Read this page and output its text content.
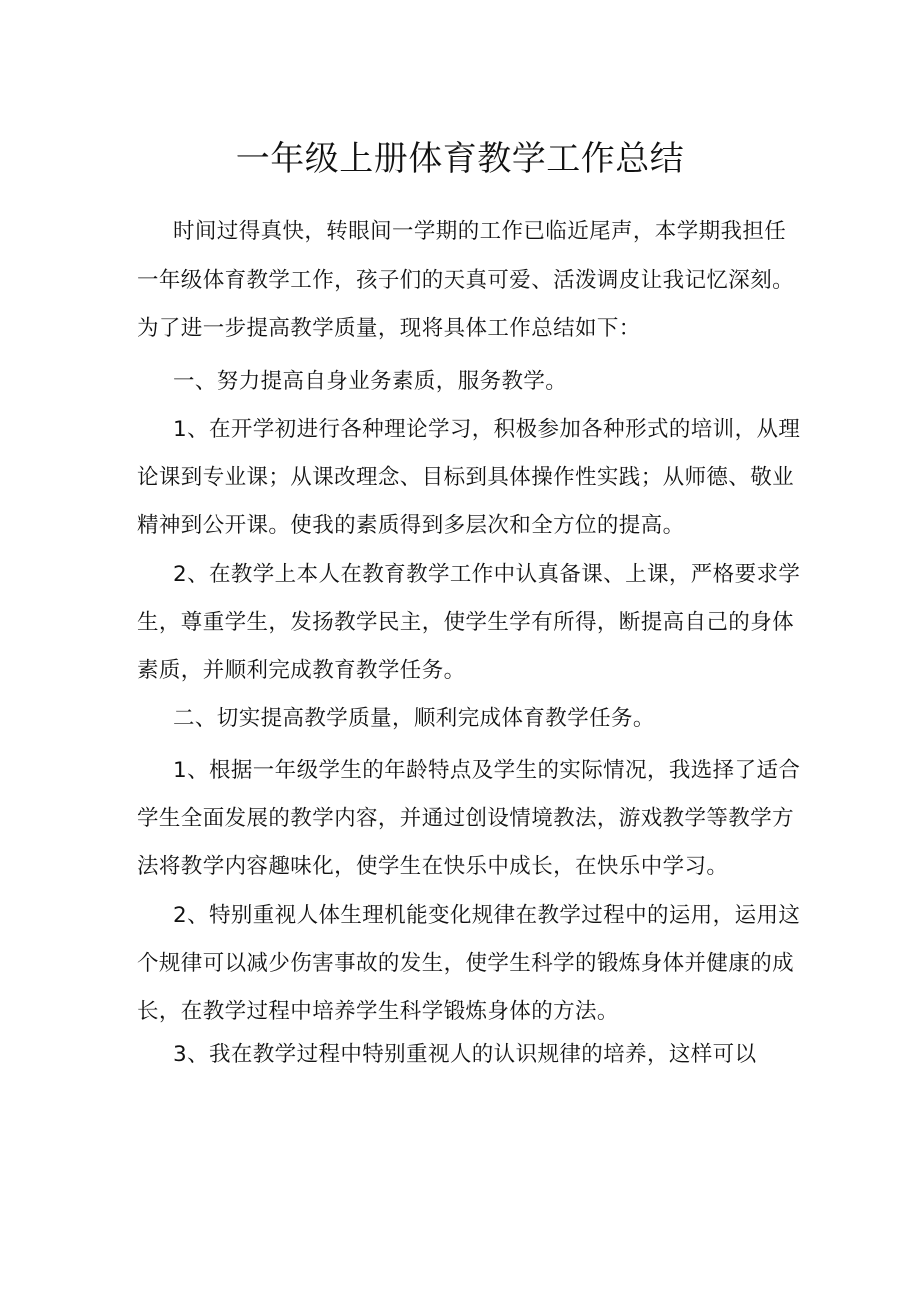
一年级上册体育教学工作总结
时间过得真快，转眼间一学期的工作已临近尾声，本学期我担任
一年级体育教学工作，孩子们的天真可爱、活泼调皮让我记忆深刻。
为了进一步提高教学质量，现将具体工作总结如下：
一、努力提高自身业务素质，服务教学。
1、在开学初进行各种理论学习，积极参加各种形式的培训，从理
论课到专业课；从课改理念、目标到具体操作性实践；从师德、敬业
精神到公开课。使我的素质得到多层次和全方位的提高。
2、在教学上本人在教育教学工作中认真备课、上课，严格要求学
生，尊重学生，发扬教学民主，使学生学有所得，断提高自己的身体
素质，并顺利完成教育教学任务。
二、切实提高教学质量，顺利完成体育教学任务。
1、根据一年级学生的年龄特点及学生的实际情况，我选择了适合
学生全面发展的教学内容，并通过创设情境教法，游戏教学等教学方
法将教学内容趣味化，使学生在快乐中成长，在快乐中学习。
2、特别重视人体生理机能变化规律在教学过程中的运用，运用这
个规律可以减少伤害事故的发生，使学生科学的锻炼身体并健康的成
长，在教学过程中培养学生科学锻炼身体的方法。
3、我在教学过程中特别重视人的认识规律的培养，这样可以
